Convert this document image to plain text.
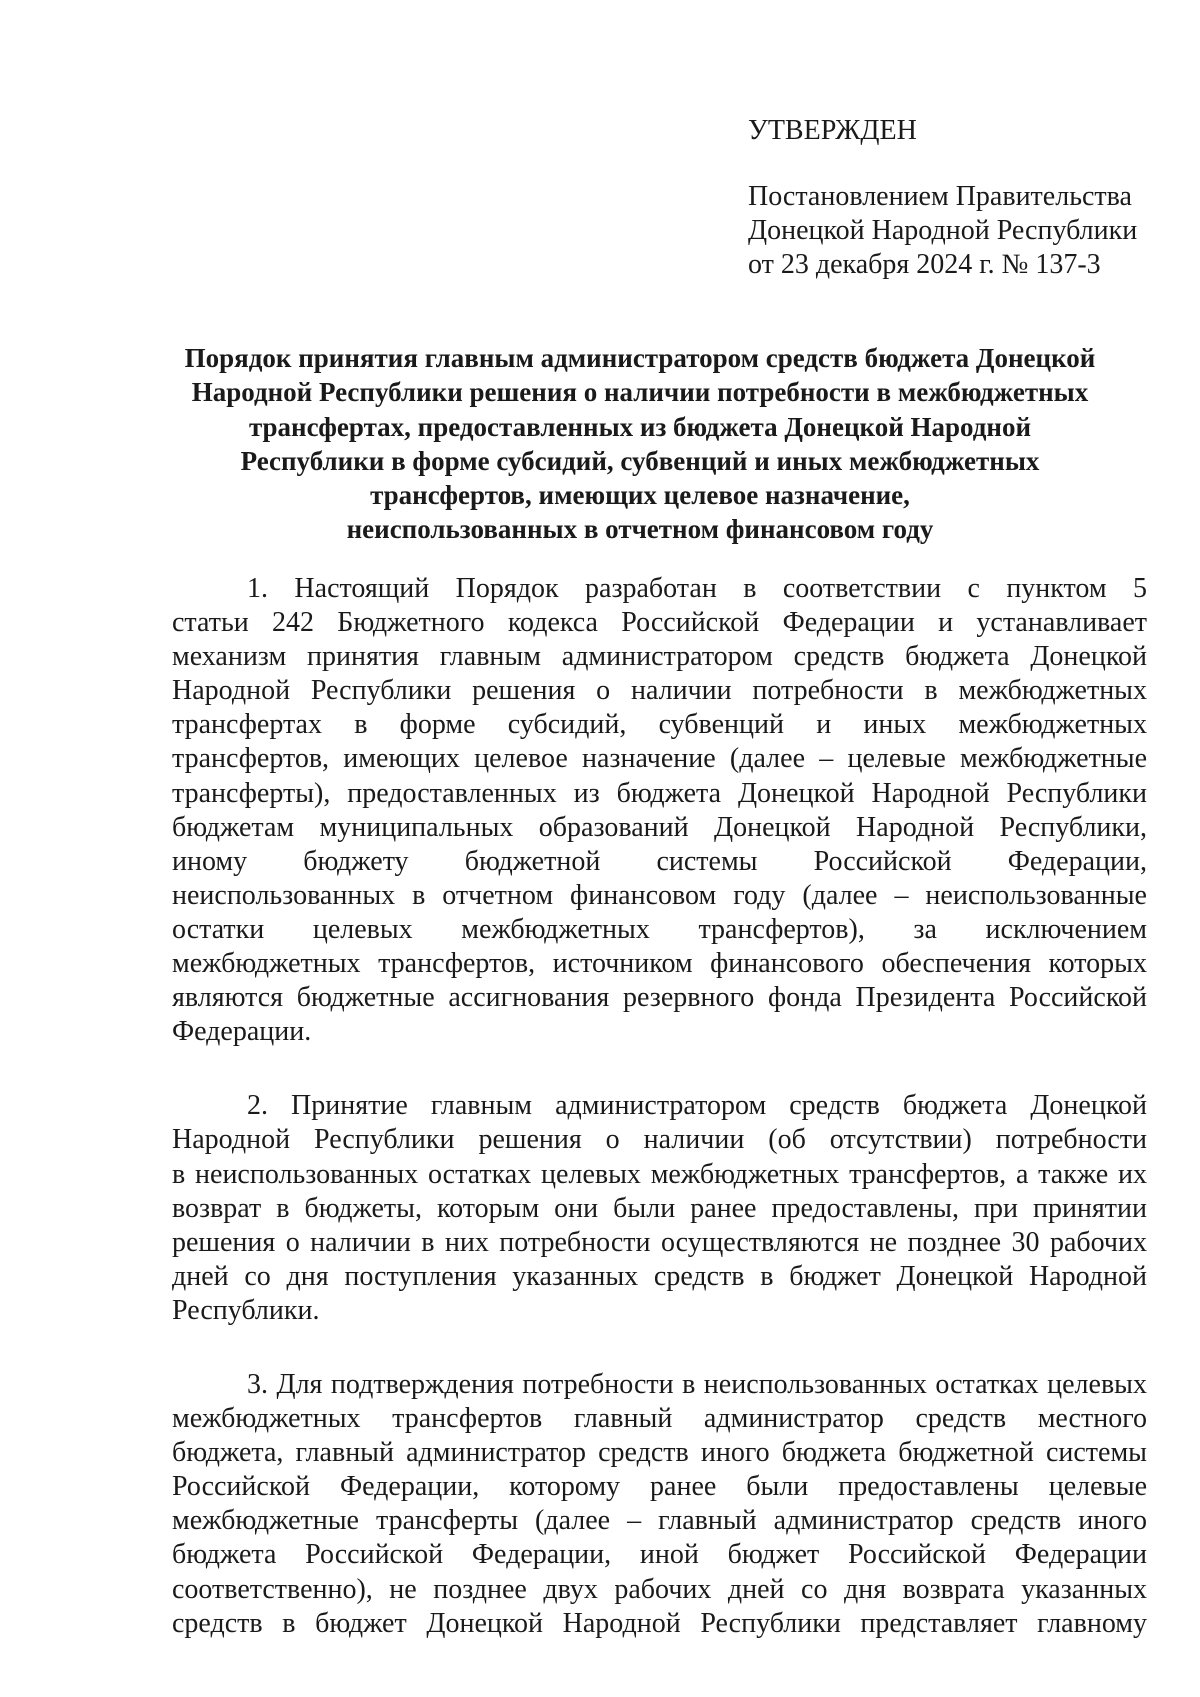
УТВЕРЖДЕН
Постановлением Правительства
Донецкой Народной Республики
от 23 декабря 2024 г. № 137-3
Порядок принятия главным администратором средств бюджета Донецкой
Народной Республики решения о наличии потребности в межбюджетных
трансфертах, предоставленных из бюджета Донецкой Народной
Республики в форме субсидий, субвенций и иных межбюджетных
трансфертов, имеющих целевое назначение,
неиспользованных в отчетном финансовом году
1. Настоящий Порядок разработан в соответствии с пунктом 5
статьи 242 Бюджетного кодекса Российской Федерации и устанавливает
механизм принятия главным администратором средств бюджета Донецкой
Народной Республики решения о наличии потребности в межбюджетных
трансфертах в форме субсидий, субвенций и иных межбюджетных
трансфертов, имеющих целевое назначение (далее – целевые межбюджетные
трансферты), предоставленных из бюджета Донецкой Народной Республики
бюджетам муниципальных образований Донецкой Народной Республики,
иному бюджету бюджетной системы Российской Федерации,
неиспользованных в отчетном финансовом году (далее – неиспользованные
остатки целевых межбюджетных трансфертов), за исключением
межбюджетных трансфертов, источником финансового обеспечения которых
являются бюджетные ассигнования резервного фонда Президента Российской
Федерации.
2. Принятие главным администратором средств бюджета Донецкой
Народной Республики решения о наличии (об отсутствии) потребности
в неиспользованных остатках целевых межбюджетных трансфертов, а также их
возврат в бюджеты, которым они были ранее предоставлены, при принятии
решения о наличии в них потребности осуществляются не позднее 30 рабочих
дней со дня поступления указанных средств в бюджет Донецкой Народной
Республики.
3. Для подтверждения потребности в неиспользованных остатках целевых
межбюджетных трансфертов главный администратор средств местного
бюджета, главный администратор средств иного бюджета бюджетной системы
Российской Федерации, которому ранее были предоставлены целевые
межбюджетные трансферты (далее – главный администратор средств иного
бюджета Российской Федерации, иной бюджет Российской Федерации
соответственно), не позднее двух рабочих дней со дня возврата указанных
средств в бюджет Донецкой Народной Республики представляет главному
